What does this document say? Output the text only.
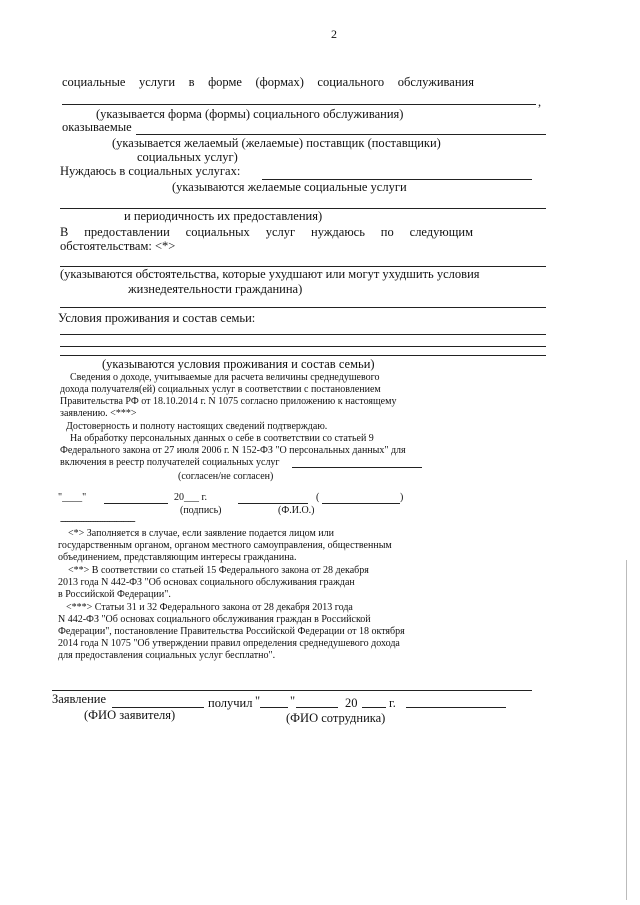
2
социальные услуги в форме (формах) социального обслуживания
,
(указывается форма (формы) социального обслуживания)
оказываемые
(указывается желаемый (желаемые) поставщик (поставщики)
социальных услуг)
Нуждаюсь в социальных услугах:
(указываются желаемые социальные услуги
и периодичность их предоставления)
В предоставлении социальных услуг нуждаюсь по следующим
обстоятельствам: <*>
(указываются обстоятельства, которые ухудшают или могут ухудшить условия
жизнедеятельности гражданина)
Условия проживания и состав семьи:
(указываются условия проживания и состав семьи)
Сведения о доходе, учитываемые для расчета величины среднедушевого
дохода получателя(ей) социальных услуг в соответствии с постановлением
Правительства РФ от 18.10.2014 г. N 1075 согласно приложению к настоящему
заявлению. <***>
Достоверность и полноту настоящих сведений подтверждаю.
На обработку персональных данных о себе в соответствии со статьей 9
Федерального закона от 27 июля 2006 г. N 152-ФЗ "О персональных данных" для
включения в реестр получателей социальных услуг
(согласен/не согласен)
"____"	20___ г.	(	)
(подпись)	(Ф.И.О.)
--------------------------------
<*> Заполняется в случае, если заявление подается лицом или
государственным органом, органом местного самоуправления, общественным
объединением, представляющим интересы гражданина.
<**> В соответствии со статьей 15 Федерального закона от 28 декабря
2013 года N 442-ФЗ "Об основах социального обслуживания граждан
в Российской Федерации".
<***> Статьи 31 и 32 Федерального закона от 28 декабря 2013 года
N 442-ФЗ "Об основах социального обслуживания граждан в Российской
Федерации", постановление Правительства Российской Федерации от 18 октября
2014 года N 1075 "Об утверждении правил определения среднедушевого дохода
для предоставления социальных услуг бесплатно".
Заявление	получил " "	20	г.
(ФИО заявителя)	(ФИО сотрудника)
